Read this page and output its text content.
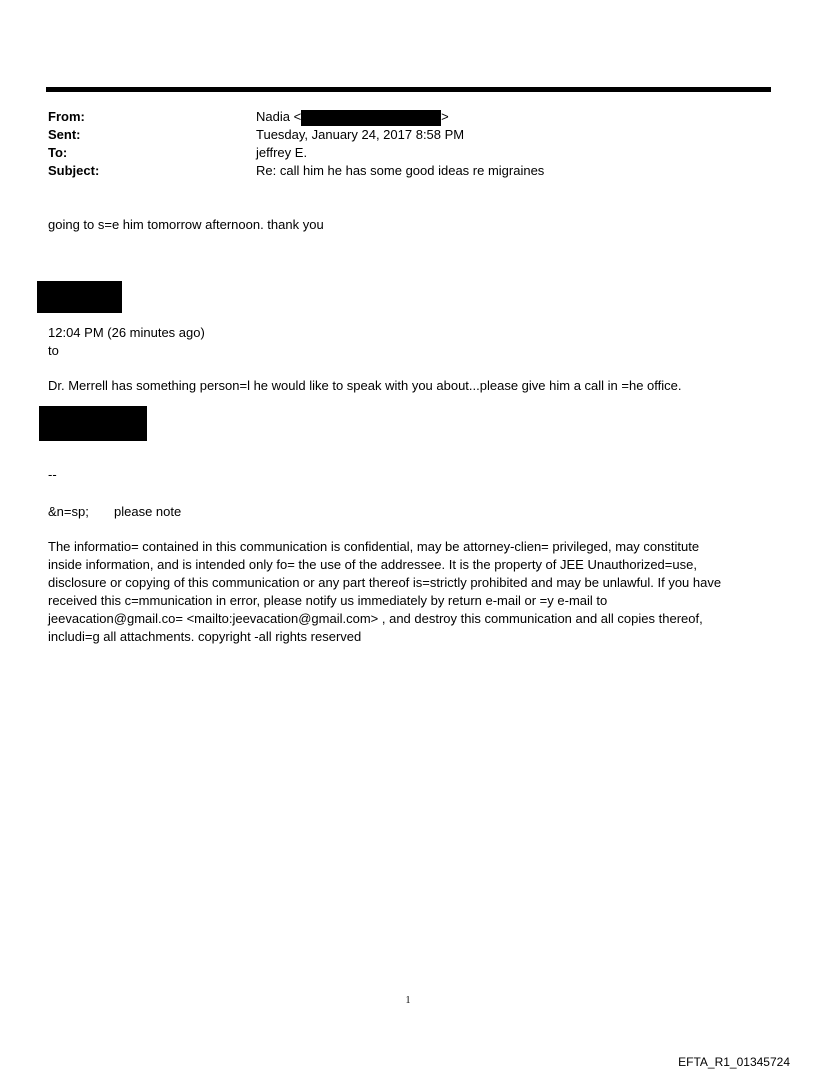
From:	Nadia <	>
Sent:	Tuesday, January 24, 2017 8:58 PM
To:	jeffrey E.
Subject:	Re: call him he has some good ideas re migraines
going to s=e him tomorrow afternoon. thank you
12:04 PM (26 minutes ago)
to
Dr. Merrell has something person=l he would like to speak with you about...please give him a call in =he office.
--
&n=sp; please note
The informatio= contained in this communication is confidential, may be attorney-clien= privileged, may constitute
inside information, and is intended only fo= the use of the addressee. It is the property of JEE Unauthorized=use,
disclosure or copying of this communication or any part thereof is=strictly prohibited and may be unlawful. If you have
received this c=mmunication in error, please notify us immediately by return e-mail or =y e-mail to
jeevacation@gmail.co= <mailto:jeevacation@gmail.com> , and destroy this communication and all copies thereof,
includi=g all attachments. copyright -all rights reserved
1
EFTA_R1_01345724
